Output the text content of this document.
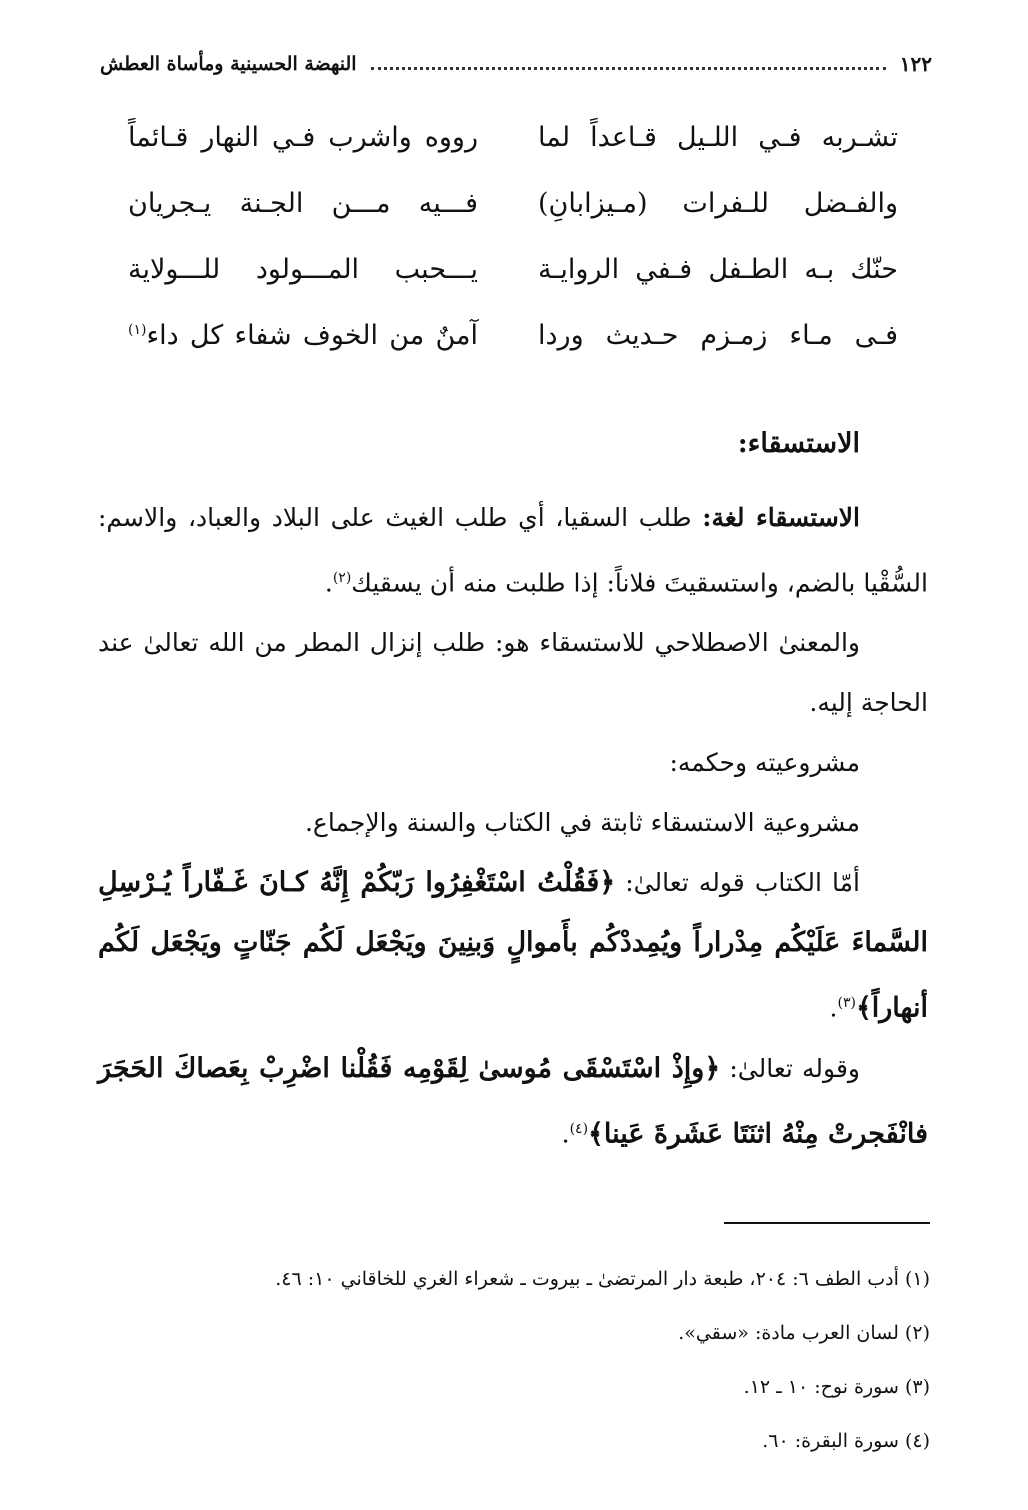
١٢٢
النهضة الحسينية ومأساة العطش
تشـربه فـي اللـيل قـاعداً لما
رووه واشرب فـي النهار قـائماً
والفـضل للـفرات (مـيزابانِ)
فـــيه مـــن الجـنة يـجريان
حنّك بـه الطـفل فـفي الروايـة
يـــحبب المـــولود للـــولاية
فـى مـاء زمـزم حـديث وردا
آمنٌ من الخوف شفاء كل داء$^{(١)}$
الاستسقاء:

الاستسقاء لغة: طلب السقيا، أي طلب الغيث على البلاد والعباد، والاسم: السُّقْيا بالضم، واستسقيتَ فلاناً: إذا طلبت منه أن يسقيك$^{(٢)}$.

والمعنىٰ الاصطلاحي للاستسقاء هو: طلب إنزال المطر من الله تعالىٰ عند الحاجة إليه.

مشروعيته وحكمه:

مشروعية الاستسقاء ثابتة في الكتاب والسنة والإجماع.

أمّا الكتاب قوله تعالىٰ: ﴿فَقُلْتُ اسْتَغْفِرُوا رَبّكُمْ إِنَّهُ كـانَ غَـفّاراً يُـرْسِلِ السَّماءَ عَلَيْكُم مِدْراراً ويُمِددْكُم بأَموالٍ وَبنِينَ ويَجْعَل لَكُم جَنّاتٍ ويَجْعَل لَكُم أنهاراً﴾$^{(٣)}$.

وقوله تعالىٰ: ﴿وإِذْ اسْتَسْقَى مُوسىٰ لِقَوْمِه فَقُلْنا اضْرِبْ بِعَصاكَ الحَجَرَ فانْفَجرتْ مِنْهُ اثنَتَا عَشَرةَ عَينا﴾$^{(٤)}$.

(١) أدب الطف ٦: ٢٠٤، طبعة دار المرتضىٰ ـ بيروت ـ شعراء الغري للخاقاني ١٠: ٤٦.
(٢) لسان العرب مادة: «سقي».
(٣) سورة نوح: ١٠ ـ ١٢.
(٤) سورة البقرة: ٦٠.
